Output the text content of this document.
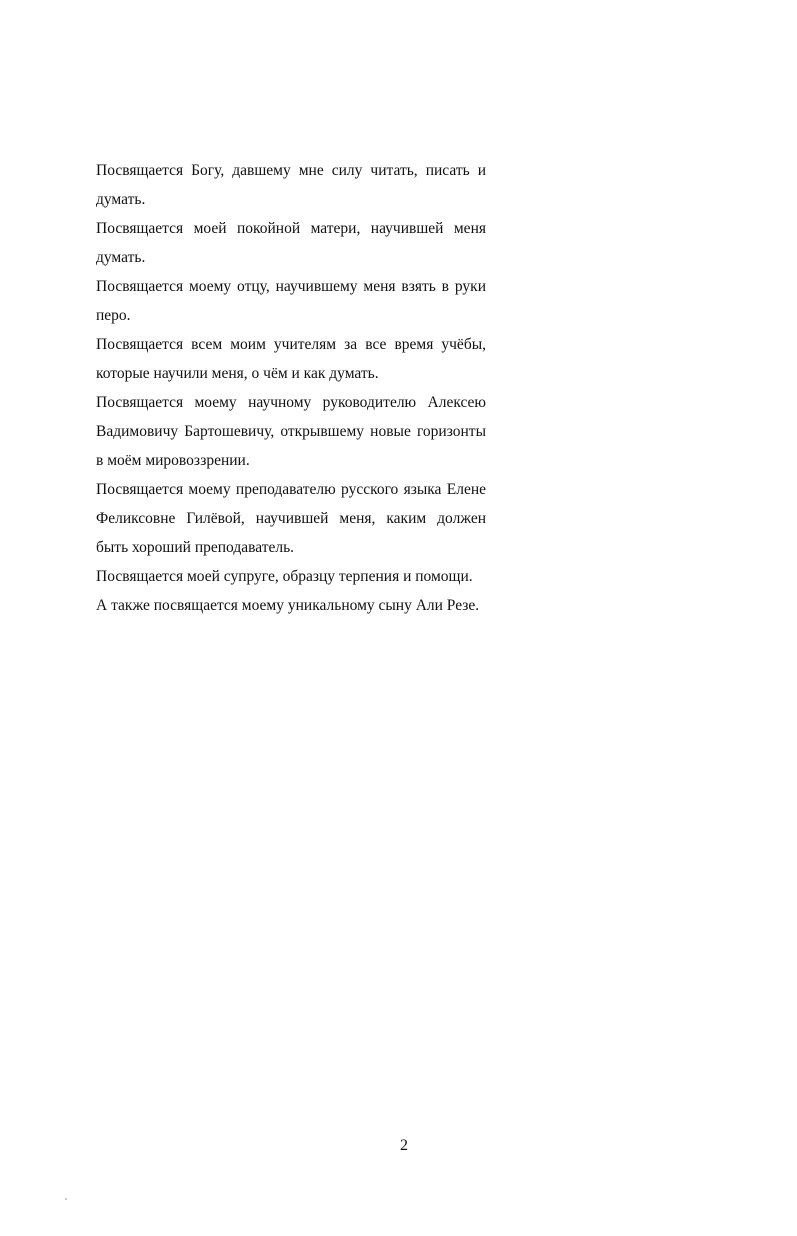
Посвящается Богу, давшему мне силу читать, писать и думать.

Посвящается моей покойной матери, научившей меня думать.

Посвящается моему отцу, научившему меня взять в руки перо.

Посвящается всем моим учителям за все время учёбы, которые научили меня, о чём и как думать.

Посвящается моему научному руководителю Алексею Вадимовичу Бартошевичу, открывшему новые горизонты в моём мировоззрении.

Посвящается моему преподавателю русского языка Елене Феликсовне Гилёвой, научившей меня, каким должен быть хороший преподаватель.

Посвящается моей супруге, образцу терпения и помощи.

А также посвящается моему уникальному сыну Али Резе.

2
